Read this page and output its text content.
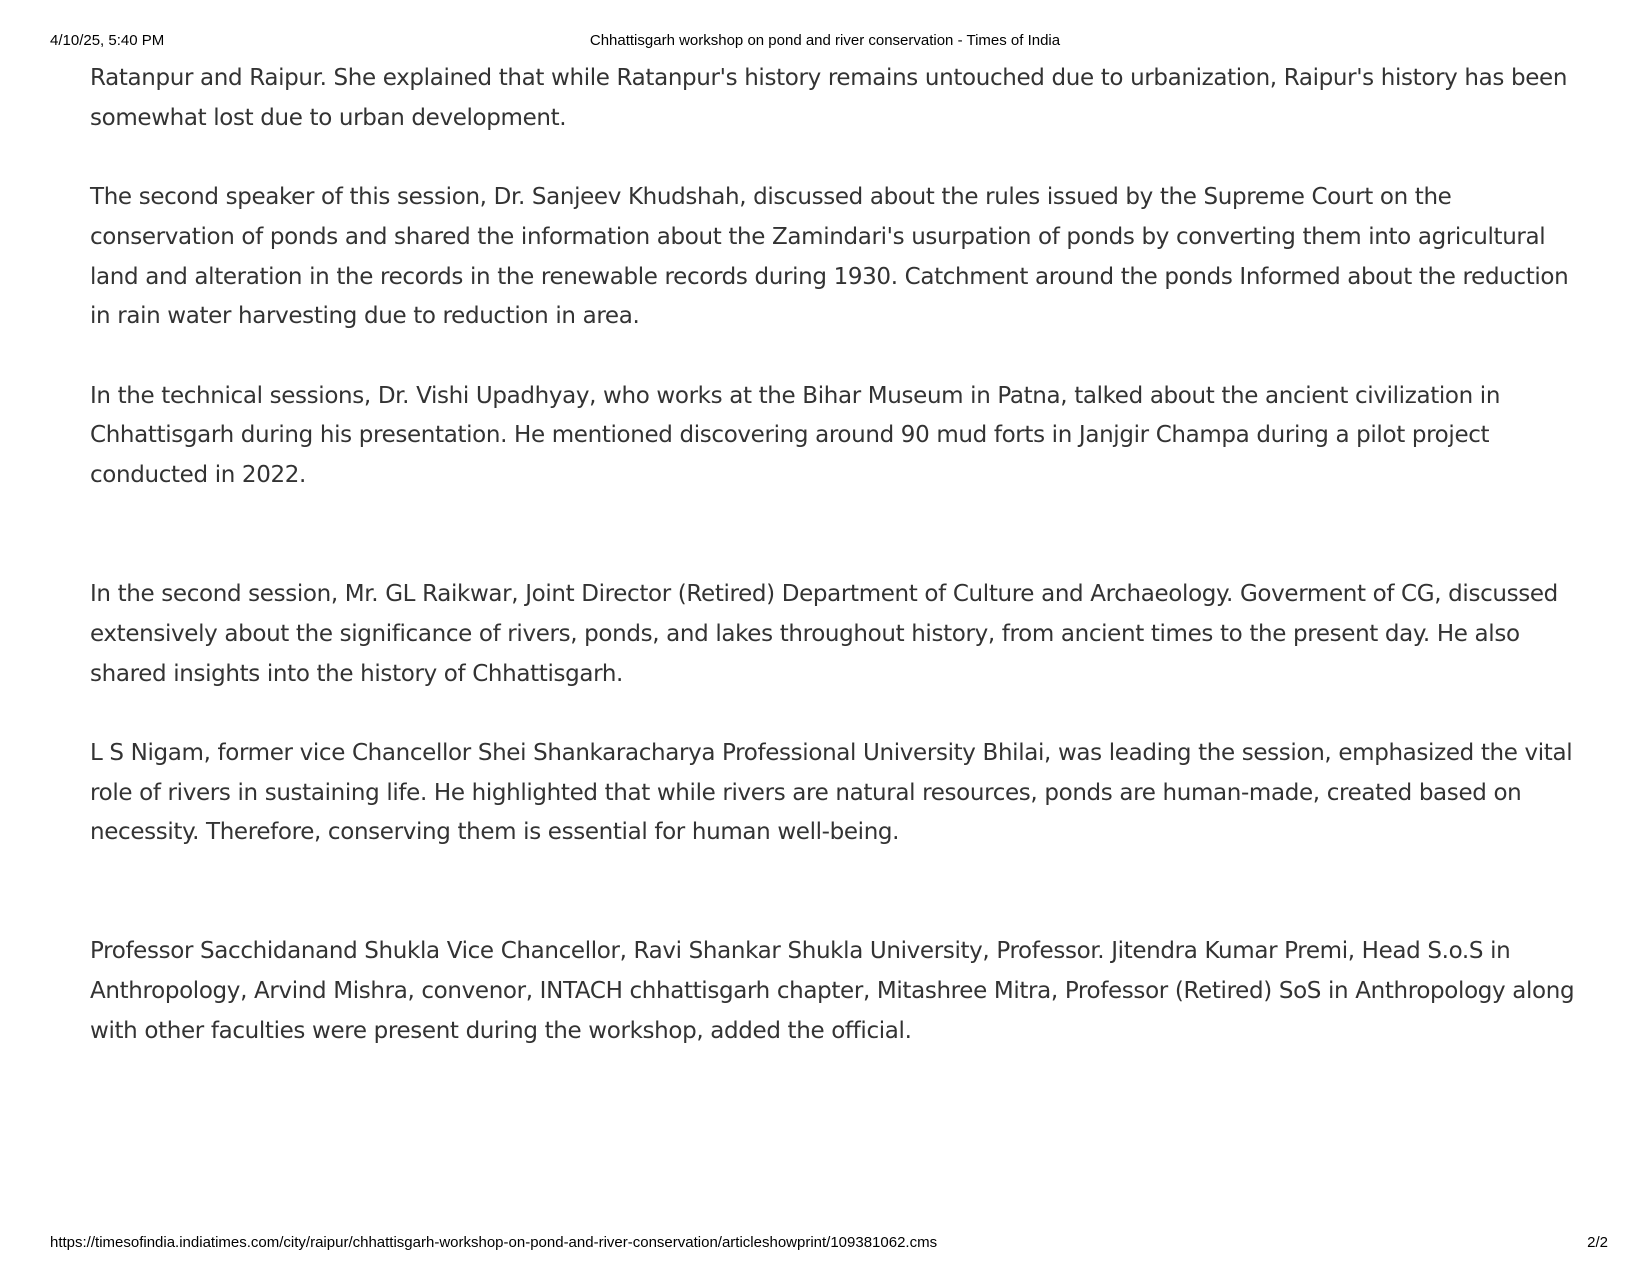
4/10/25, 5:40 PM	Chhattisgarh workshop on pond and river conservation - Times of India

Ratanpur and Raipur. She explained that while Ratanpur's history remains untouched due to urbanization, Raipur's history has been somewhat lost due to urban development.

The second speaker of this session, Dr. Sanjeev Khudshah, discussed about the rules issued by the Supreme Court on the conservation of ponds and shared the information about the Zamindari's usurpation of ponds by converting them into agricultural land and alteration in the records in the renewable records during 1930. Catchment around the ponds Informed about the reduction in rain water harvesting due to reduction in area.

In the technical sessions, Dr. Vishi Upadhyay, who works at the Bihar Museum in Patna, talked about the ancient civilization in Chhattisgarh during his presentation. He mentioned discovering around 90 mud forts in Janjgir Champa during a pilot project conducted in 2022.

In the second session, Mr. GL Raikwar, Joint Director (Retired) Department of Culture and Archaeology. Goverment of CG, discussed extensively about the significance of rivers, ponds, and lakes throughout history, from ancient times to the present day. He also shared insights into the history of Chhattisgarh.

L S Nigam, former vice Chancellor Shei Shankaracharya Professional University Bhilai, was leading the session, emphasized the vital role of rivers in sustaining life. He highlighted that while rivers are natural resources, ponds are human-made, created based on necessity. Therefore, conserving them is essential for human well-being.

Professor Sacchidanand Shukla Vice Chancellor, Ravi Shankar Shukla University, Professor. Jitendra Kumar Premi, Head S.o.S in Anthropology, Arvind Mishra, convenor, INTACH chhattisgarh chapter, Mitashree Mitra, Professor (Retired) SoS in Anthropology along with other faculties were present during the workshop, added the official.

https://timesofindia.indiatimes.com/city/raipur/chhattisgarh-workshop-on-pond-and-river-conservation/articleshowprint/109381062.cms	2/2
